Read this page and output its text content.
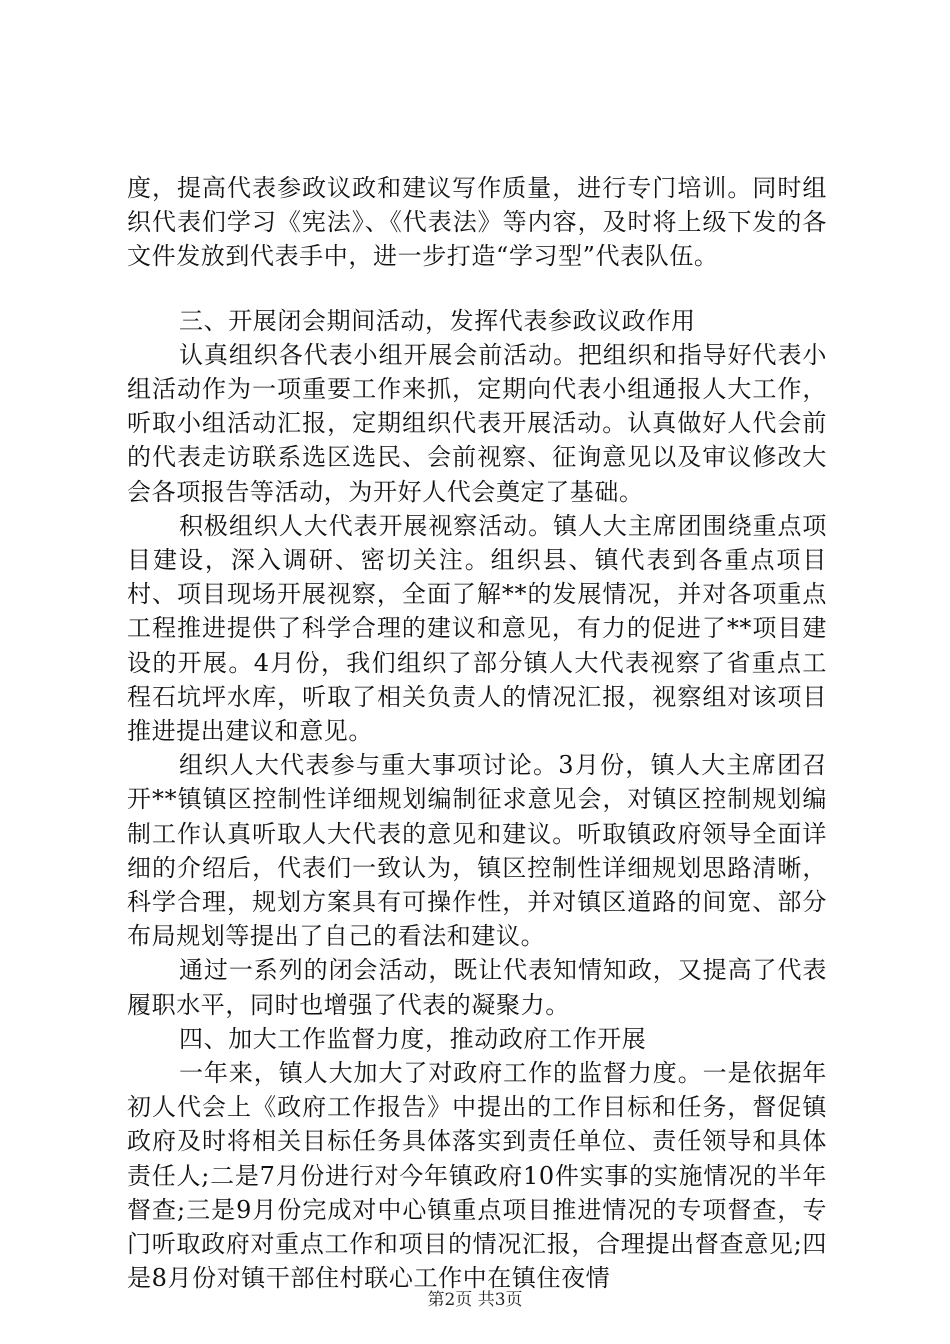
度，提高代表参政议政和建议写作质量，进行专门培训。同时组织代表们学习《宪法》、《代表法》等内容，及时将上级下发的各文件发放到代表手中，进一步打造“学习型”代表队伍。

三、开展闭会期间活动，发挥代表参政议政作用

认真组织各代表小组开展会前活动。把组织和指导好代表小组活动作为一项重要工作来抓，定期向代表小组通报人大工作，听取小组活动汇报，定期组织代表开展活动。认真做好人代会前的代表走访联系选区选民、会前视察、征询意见以及审议修改大会各项报告等活动，为开好人代会奠定了基础。

积极组织人大代表开展视察活动。镇人大主席团围绕重点项目建设，深入调研、密切关注。组织县、镇代表到各重点项目村、项目现场开展视察，全面了解**的发展情况，并对各项重点工程推进提供了科学合理的建议和意见，有力的促进了**项目建设的开展。4月份，我们组织了部分镇人大代表视察了省重点工程石坑坪水库，听取了相关负责人的情况汇报，视察组对该项目推进提出建议和意见。

组织人大代表参与重大事项讨论。3月份，镇人大主席团召开**镇镇区控制性详细规划编制征求意见会，对镇区控制规划编制工作认真听取人大代表的意见和建议。听取镇政府领导全面详细的介绍后，代表们一致认为，镇区控制性详细规划思路清晰，科学合理，规划方案具有可操作性，并对镇区道路的间宽、部分布局规划等提出了自己的看法和建议。

通过一系列的闭会活动，既让代表知情知政，又提高了代表履职水平，同时也增强了代表的凝聚力。

四、加大工作监督力度，推动政府工作开展

一年来，镇人大加大了对政府工作的监督力度。一是依据年初人代会上《政府工作报告》中提出的工作目标和任务，督促镇政府及时将相关目标任务具体落实到责任单位、责任领导和具体责任人;二是7月份进行对今年镇政府10件实事的实施情况的半年督查;三是9月份完成对中心镇重点项目推进情况的专项督查，专门听取政府对重点工作和项目的情况汇报，合理提出督查意见;四是8月份对镇干部住村联心工作中在镇住夜情

第2页 共3页
